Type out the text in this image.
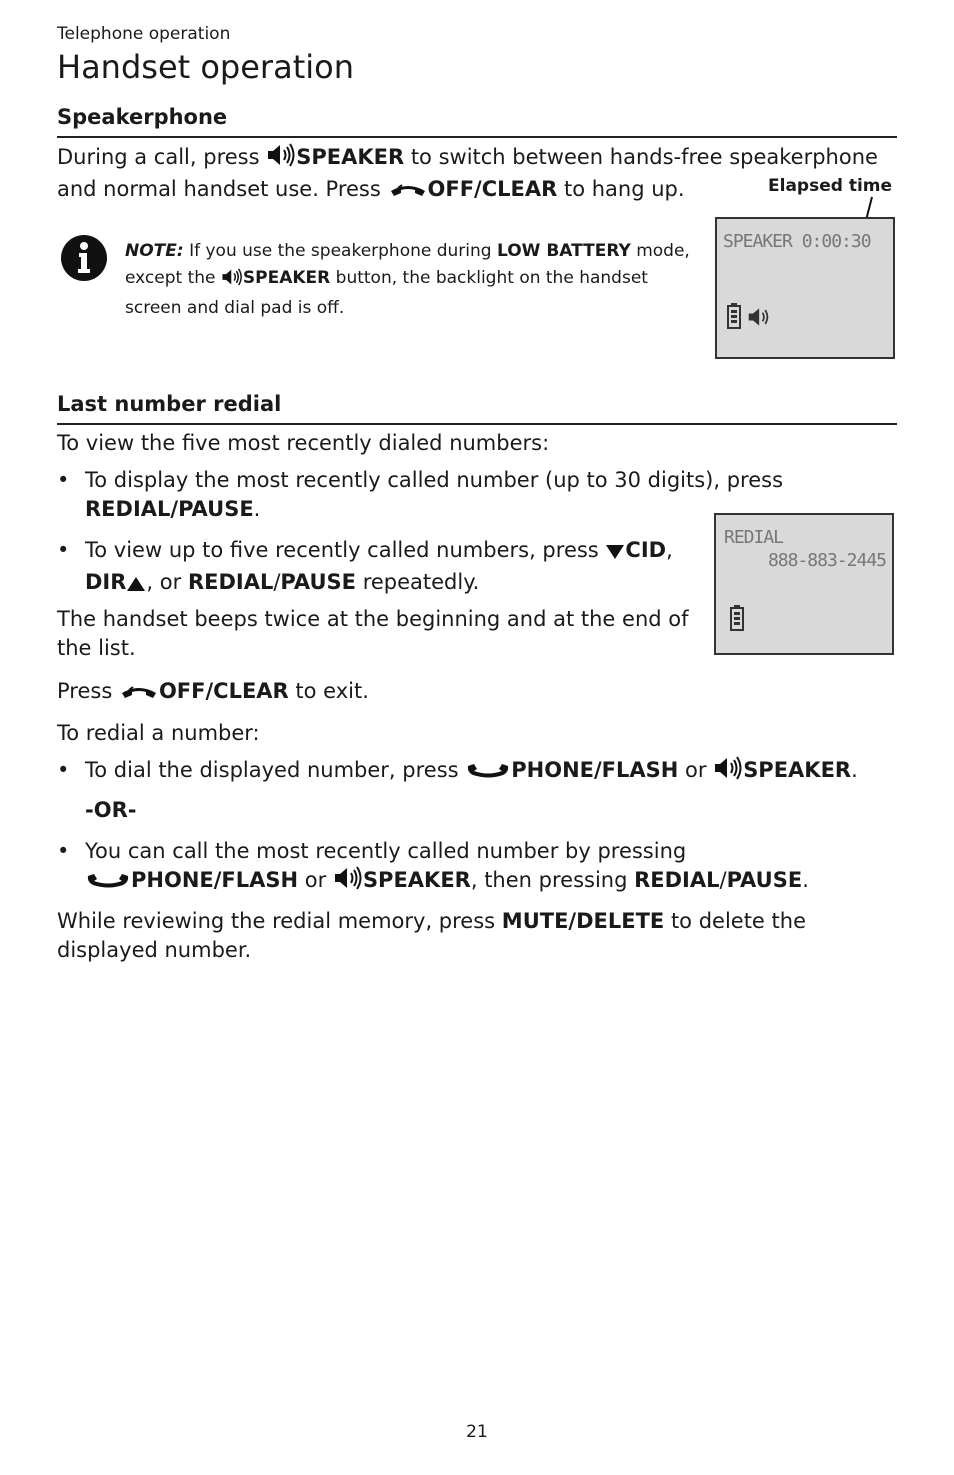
Telephone operation
Handset operation
Speakerphone
During a call, press SPEAKER to switch between hands-free speakerphone and normal handset use. Press OFF/CLEAR to hang up.
NOTE: If you use the speakerphone during LOW BATTERY mode, except the SPEAKER button, the backlight on the handset screen and dial pad is off.
Elapsed time
SPEAKER 0:00:30
Last number redial
To view the five most recently dialed numbers:
• To display the most recently called number (up to 30 digits), press REDIAL/PAUSE.
• To view up to five recently called numbers, press CID, DIR , or REDIAL/PAUSE repeatedly.
REDIAL
888-883-2445
The handset beeps twice at the beginning and at the end of the list.
Press OFF/CLEAR to exit.
To redial a number:
• To dial the displayed number, press PHONE/FLASH or SPEAKER.
-OR-
• You can call the most recently called number by pressing
PHONE/FLASH or SPEAKER, then pressing REDIAL/PAUSE.
While reviewing the redial memory, press MUTE/DELETE to delete the displayed number.
21
